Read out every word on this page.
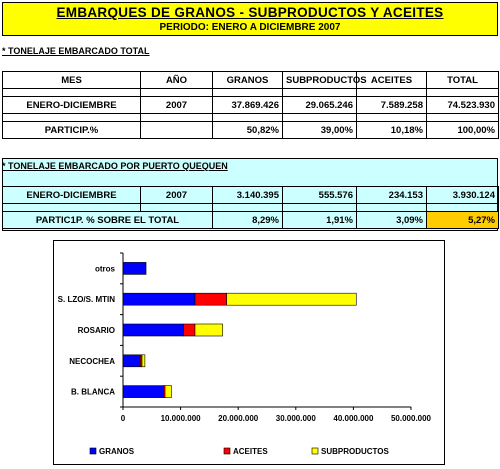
EMBARQUES DE GRANOS - SUBPRODUCTOS Y ACEITES
PERIODO: ENERO A DICIEMBRE 2007
* TONELAJE EMBARCADO TOTAL
MES	AÑO	GRANOS	SUBPRODUCTOS	ACEITES	TOTAL

ENERO-DICIEMBRE	2007	37.869.426	29.065.246	7.589.258	74.523.930

PARTICIP.%		50,82%	39,00%	10,18%	100,00%
* TONELAJE EMBARCADO POR PUERTO QUEQUEN
ENERO-DICIEMBRE	2007	3.140.395	555.576	234.153	3.930.124

PARTIC1P. % SOBRE EL TOTAL		8,29%	1,91%	3,09%	5,27%
otros
S. LZO/S. MTIN
ROSARIO
NECOCHEA
B. BLANCA
0	10.000.000 20.000.000 30.000.000 40.000.000 50.000.000
GRANOS	ACEITES	SUBPRODUCTOS
